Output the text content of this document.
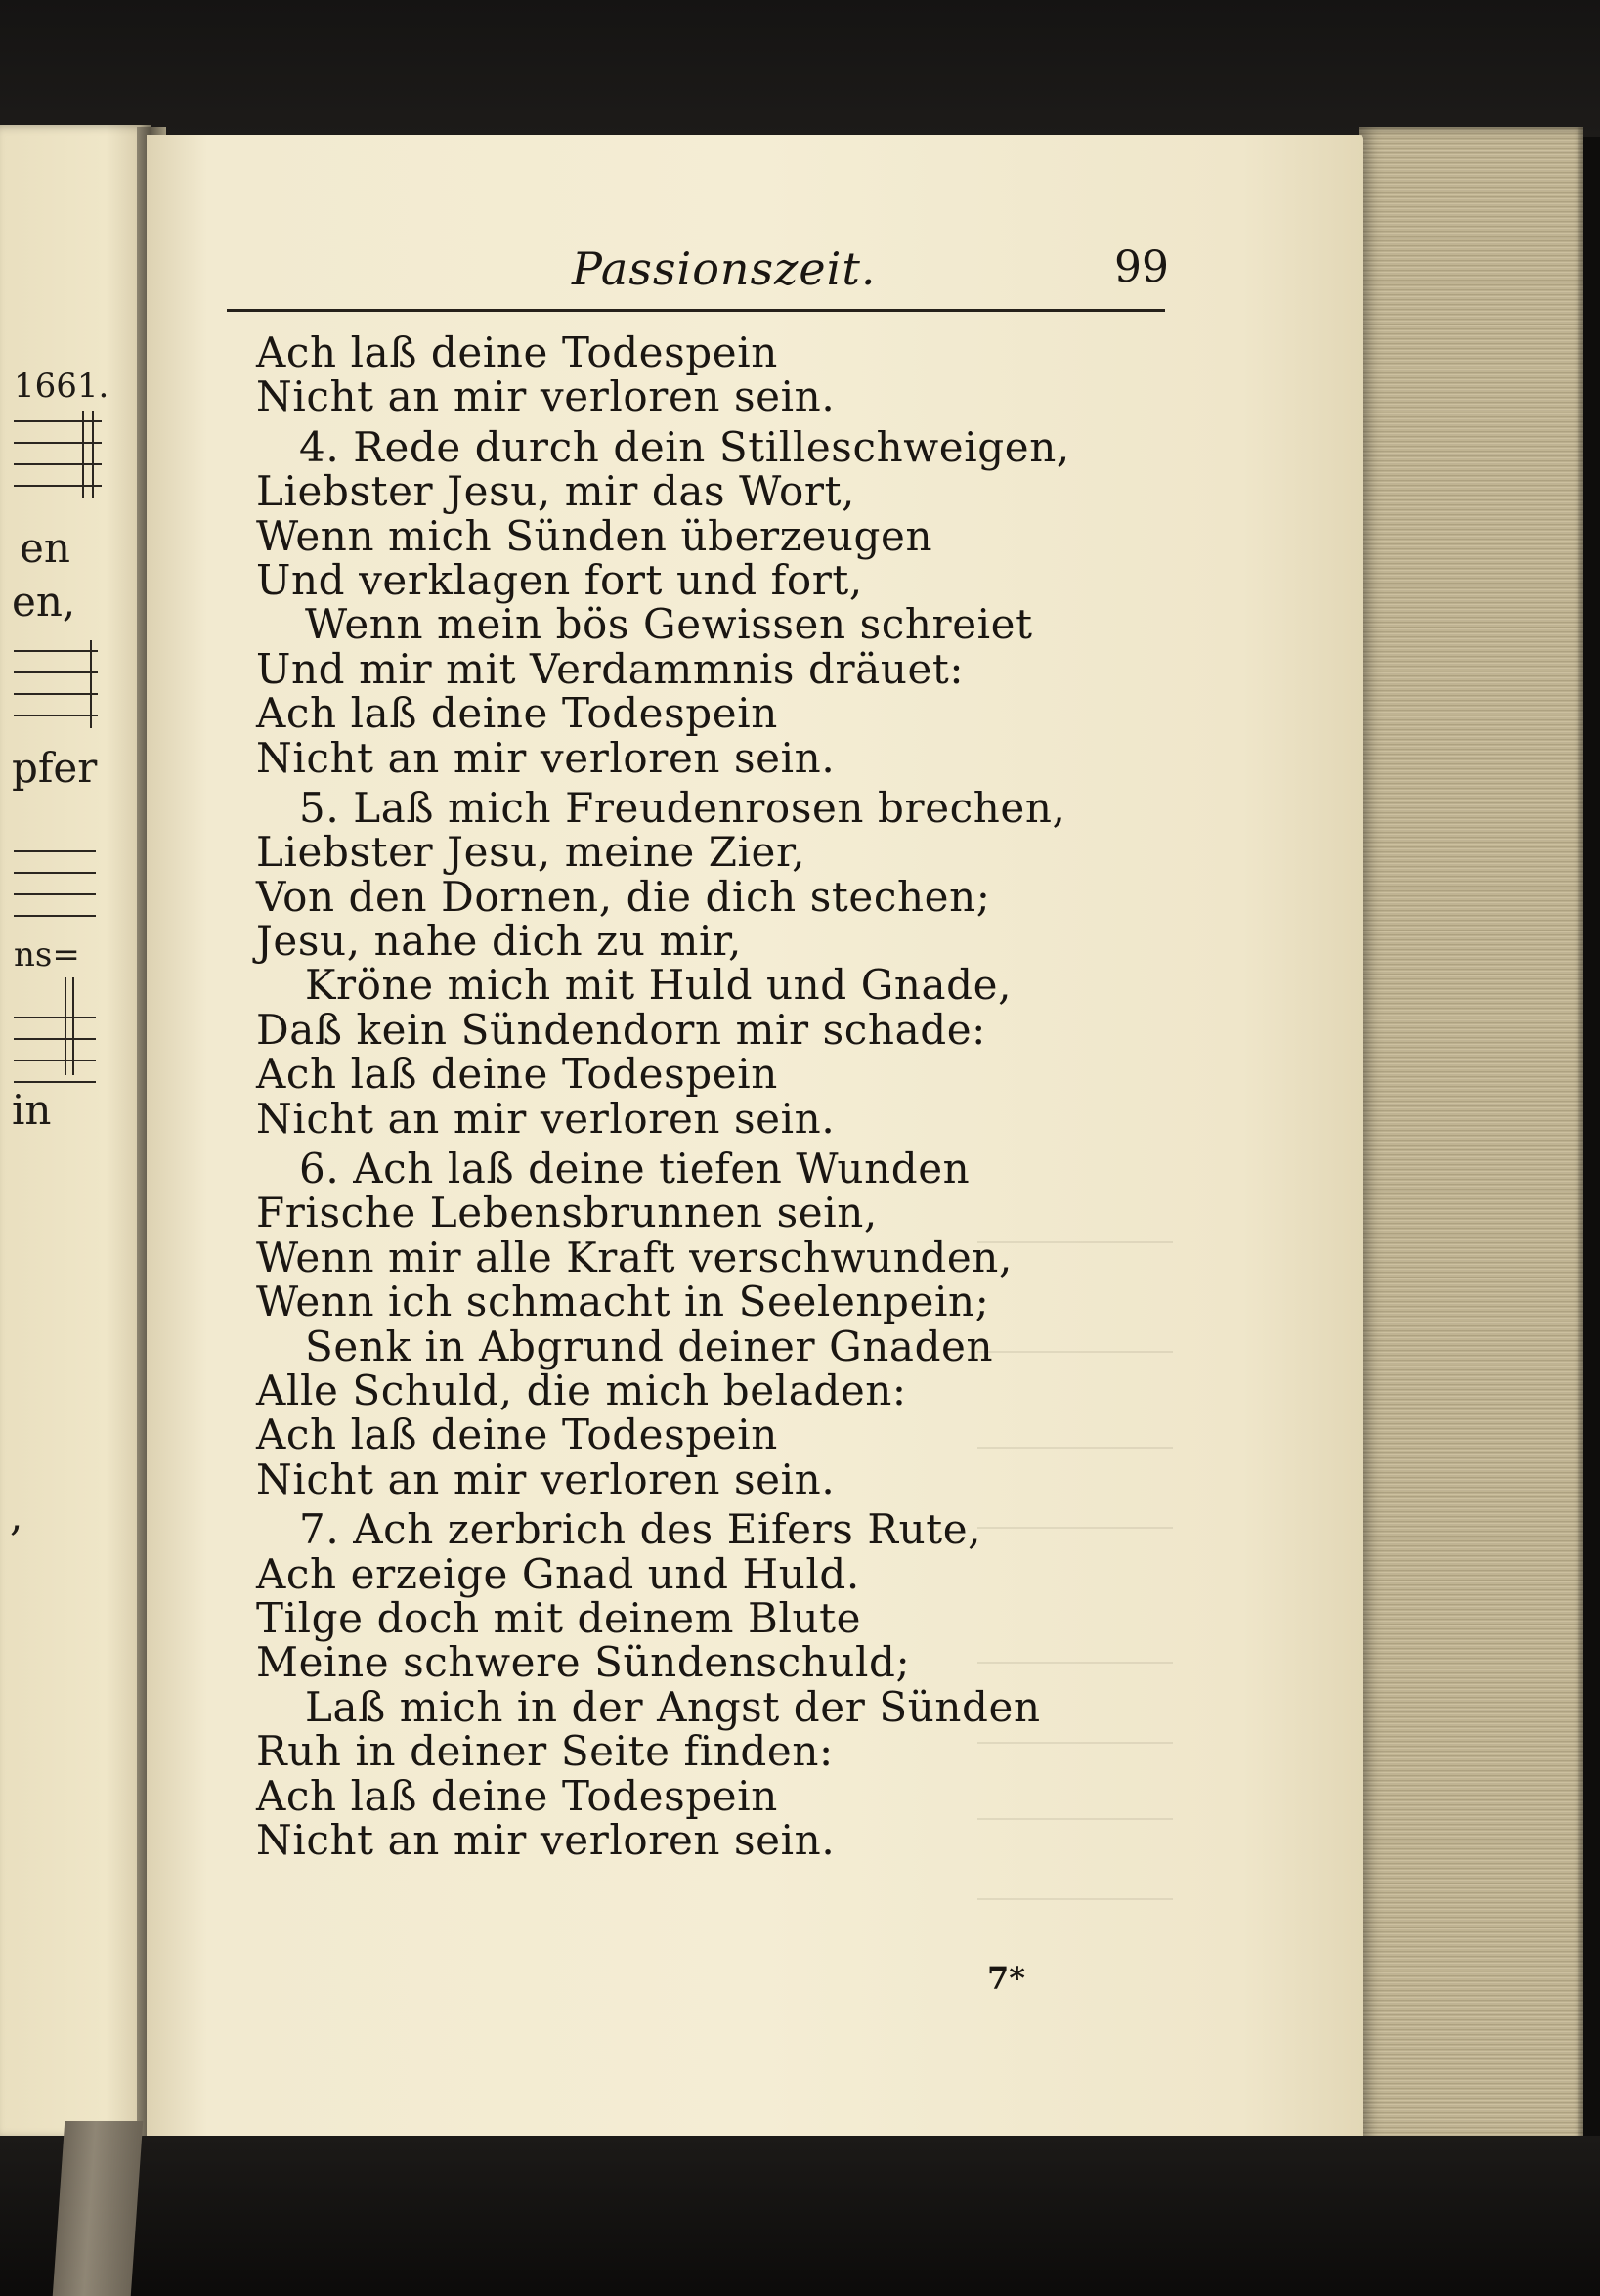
1661.
en
en,
pfer
ns=
in
,
Passionszeit.	99
Ach laß deine Todespein
Nicht an mir verloren sein.
4. Rede durch dein Stilleschweigen,
Liebster Jesu, mir das Wort,
Wenn mich Sünden überzeugen
Und verklagen fort und fort,
Wenn mein bös Gewissen schreiet
Und mir mit Verdammnis dräuet:
Ach laß deine Todespein
Nicht an mir verloren sein.
5. Laß mich Freudenrosen brechen,
Liebster Jesu, meine Zier,
Von den Dornen, die dich stechen;
Jesu, nahe dich zu mir,
Kröne mich mit Huld und Gnade,
Daß kein Sündendorn mir schade:
Ach laß deine Todespein
Nicht an mir verloren sein.
6. Ach laß deine tiefen Wunden
Frische Lebensbrunnen sein,
Wenn mir alle Kraft verschwunden,
Wenn ich schmacht in Seelenpein;
Senk in Abgrund deiner Gnaden
Alle Schuld, die mich beladen:
Ach laß deine Todespein
Nicht an mir verloren sein.
7. Ach zerbrich des Eifers Rute,
Ach erzeige Gnad und Huld.
Tilge doch mit deinem Blute
Meine schwere Sündenschuld;
Laß mich in der Angst der Sünden
Ruh in deiner Seite finden:
Ach laß deine Todespein
Nicht an mir verloren sein.
7*
